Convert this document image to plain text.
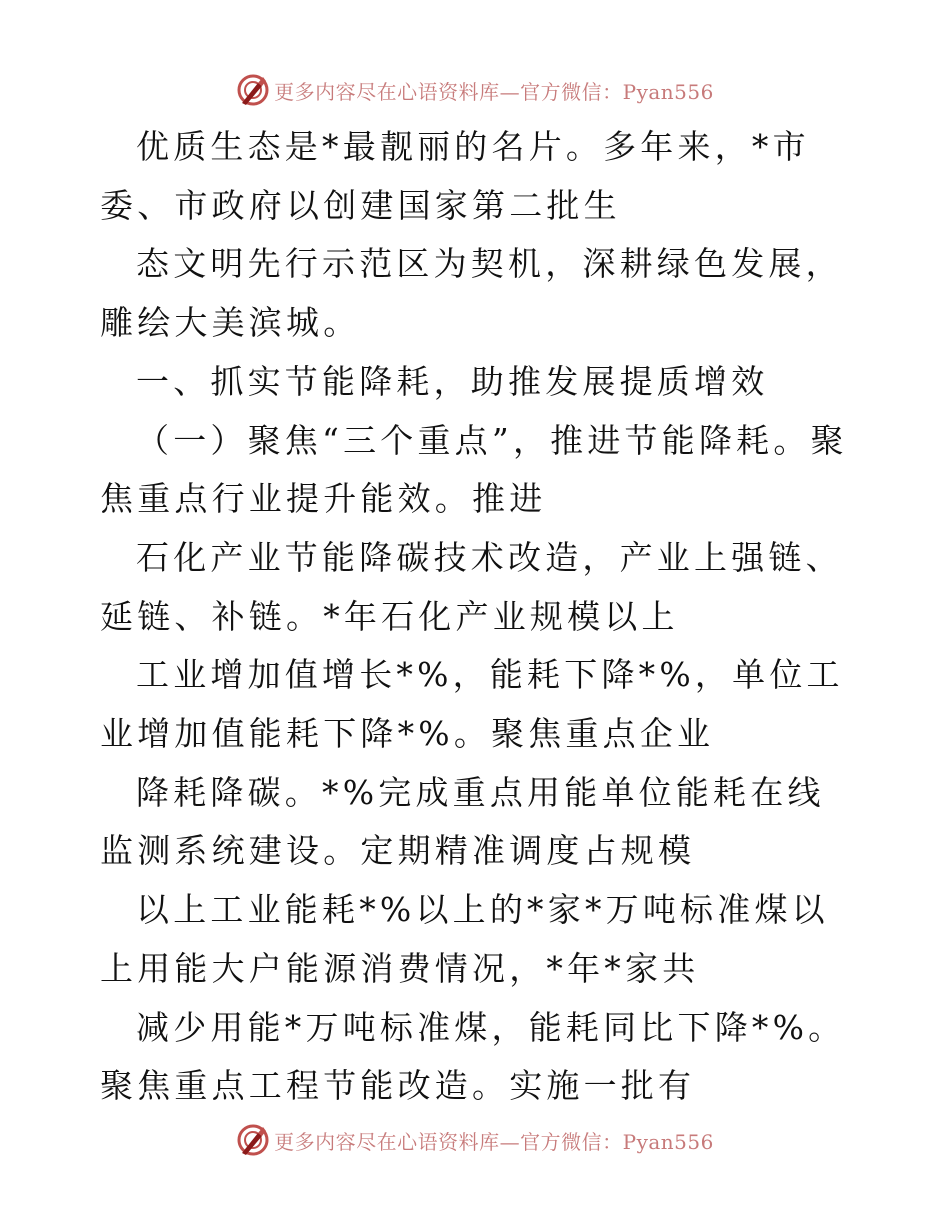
更多内容尽在心语资料库—官方微信：Pyan556

优质生态是*最靓丽的名片。多年来，*市委、市政府以创建国家第二批生

态文明先行示范区为契机，深耕绿色发展，雕绘大美滨城。

一、抓实节能降耗，助推发展提质增效

（一）聚焦“三个重点”，推进节能降耗。聚焦重点行业提升能效。推进

石化产业节能降碳技术改造，产业上强链、延链、补链。*年石化产业规模以上

工业增加值增长*%，能耗下降*%，单位工业增加值能耗下降*%。聚焦重点企业

降耗降碳。*%完成重点用能单位能耗在线监测系统建设。定期精准调度占规模

以上工业能耗*%以上的*家*万吨标准煤以上用能大户能源消费情况，*年*家共

减少用能*万吨标准煤，能耗同比下降*%。聚焦重点工程节能改造。实施一批有

更多内容尽在心语资料库—官方微信：Pyan556
